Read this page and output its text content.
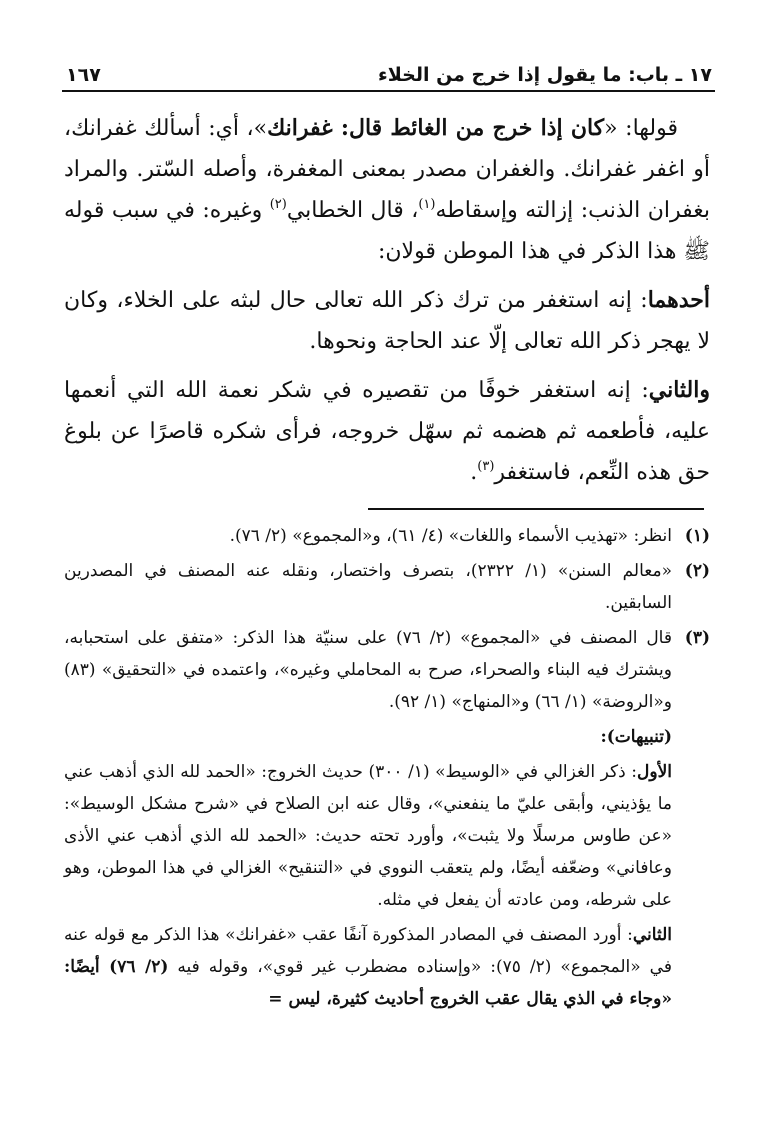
١٧ ـ باب: ما يقول إذا خرج من الخلاء
١٦٧

قولها: «كان إذا خرج من الغائط قال: غفرانك»، أي: أسألك غفرانك، أو اغفر غفرانك. والغفران مصدر بمعنى المغفرة، وأصله السّتر. والمراد بغفران الذنب: إزالته وإسقاطه$^{(١)}$، قال الخطابي$^{(٢)}$ وغيره: في سبب قوله ﷺ هذا الذكر في هذا الموطن قولان:

أحدهما: إنه استغفر من ترك ذكر الله تعالى حال لبثه على الخلاء، وكان لا يهجر ذكر الله تعالى إلّا عند الحاجة ونحوها.

والثاني: إنه استغفر خوفًا من تقصيره في شكر نعمة الله التي أنعمها عليه، فأطعمه ثم هضمه ثم سهّل خروجه، فرأى شكره قاصرًا عن بلوغ حق هذه النِّعم، فاستغفر$^{(٣)}$.

(١)
انظر: «تهذيب الأسماء واللغات» (٤/ ٦١)، و«المجموع» (٢/ ٧٦).
(٢)
«معالم السنن» (١/ ٢٣٢٢)، بتصرف واختصار، ونقله عنه المصنف في المصدرين السابقين.
(٣)
قال المصنف في «المجموع» (٢/ ٧٦) على سنيّة هذا الذكر: «متفق على استحبابه، ويشترك فيه البناء والصحراء، صرح به المحاملي وغيره»، واعتمده في «التحقيق» (٨٣) و«الروضة» (١/ ٦٦) و«المنهاج» (١/ ٩٢).
(تنبيهات):
الأول: ذكر الغزالي في «الوسيط» (١/ ٣٠٠) حديث الخروج: «الحمد لله الذي أذهب عني ما يؤذيني، وأبقى عليّ ما ينفعني»، وقال عنه ابن الصلاح في «شرح مشكل الوسيط»: «عن طاوس مرسلًا ولا يثبت»، وأورد تحته حديث: «الحمد لله الذي أذهب عني الأذى وعافاني» وضعّفه أيضًا، ولم يتعقب النووي في «التنقيح» الغزالي في هذا الموطن، وهو على شرطه، ومن عادته أن يفعل في مثله.
الثاني: أورد المصنف في المصادر المذكورة آنفًا عقب «غفرانك» هذا الذكر مع قوله عنه في «المجموع» (٢/ ٧٥): «وإسناده مضطرب غير قوي»، وقوله فيه (٢/ ٧٦) أيضًا: «وجاء في الذي يقال عقب الخروج أحاديث كثيرة، ليس =
